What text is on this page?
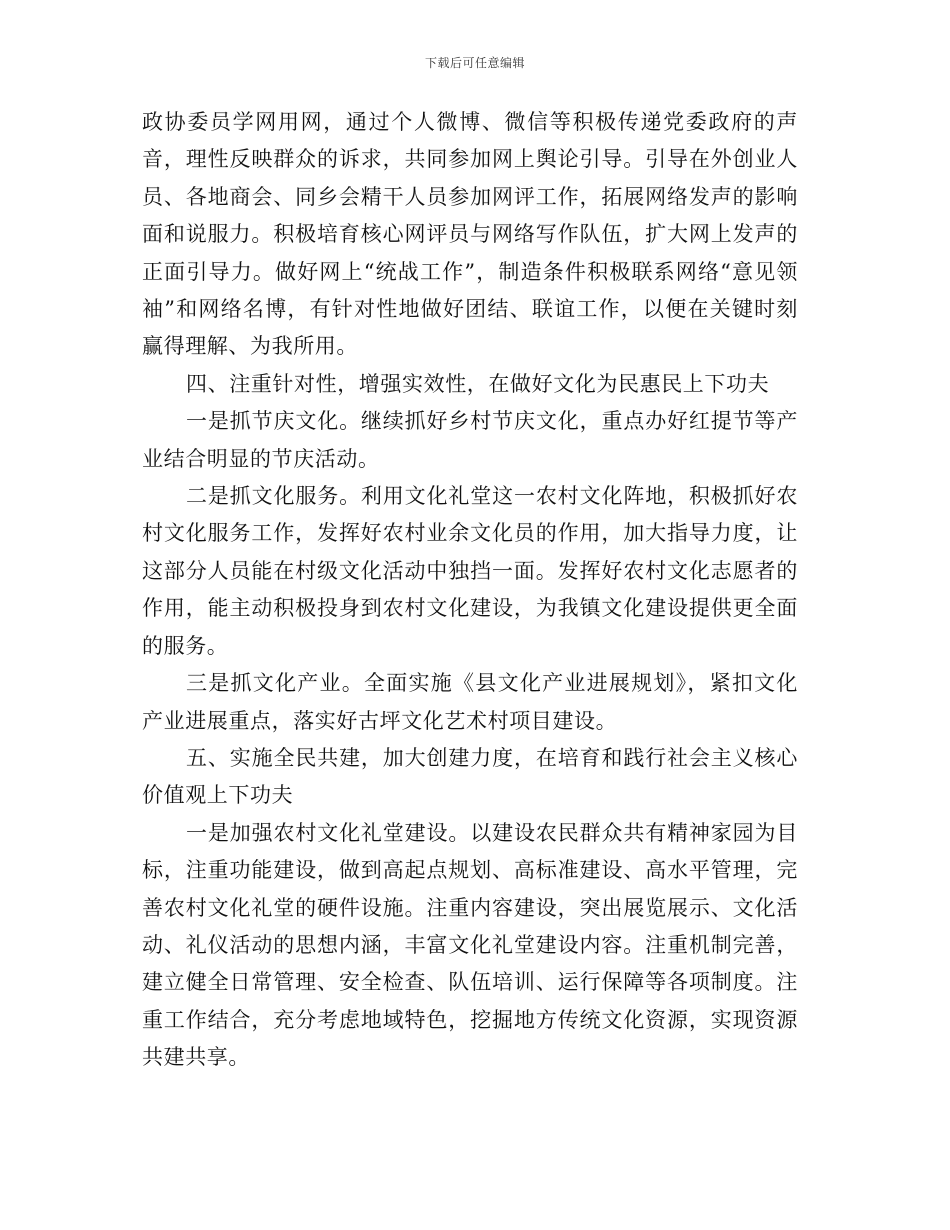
下载后可任意编辑

政协委员学网用网，通过个人微博、微信等积极传递党委政府的声音，理性反映群众的诉求，共同参加网上舆论引导。引导在外创业人员、各地商会、同乡会精干人员参加网评工作，拓展网络发声的影响面和说服力。积极培育核心网评员与网络写作队伍，扩大网上发声的正面引导力。做好网上“统战工作”，制造条件积极联系网络“意见领袖”和网络名博，有针对性地做好团结、联谊工作，以便在关键时刻赢得理解、为我所用。

四、注重针对性，增强实效性，在做好文化为民惠民上下功夫

一是抓节庆文化。继续抓好乡村节庆文化，重点办好红提节等产业结合明显的节庆活动。

二是抓文化服务。利用文化礼堂这一农村文化阵地，积极抓好农村文化服务工作，发挥好农村业余文化员的作用，加大指导力度，让这部分人员能在村级文化活动中独挡一面。发挥好农村文化志愿者的作用，能主动积极投身到农村文化建设，为我镇文化建设提供更全面的服务。

三是抓文化产业。全面实施《县文化产业进展规划》，紧扣文化产业进展重点，落实好古坪文化艺术村项目建设。

五、实施全民共建，加大创建力度，在培育和践行社会主义核心价值观上下功夫

一是加强农村文化礼堂建设。以建设农民群众共有精神家园为目标，注重功能建设，做到高起点规划、高标准建设、高水平管理，完善农村文化礼堂的硬件设施。注重内容建设，突出展览展示、文化活动、礼仪活动的思想内涵，丰富文化礼堂建设内容。注重机制完善，建立健全日常管理、安全检查、队伍培训、运行保障等各项制度。注重工作结合，充分考虑地域特色，挖掘地方传统文化资源，实现资源共建共享。
